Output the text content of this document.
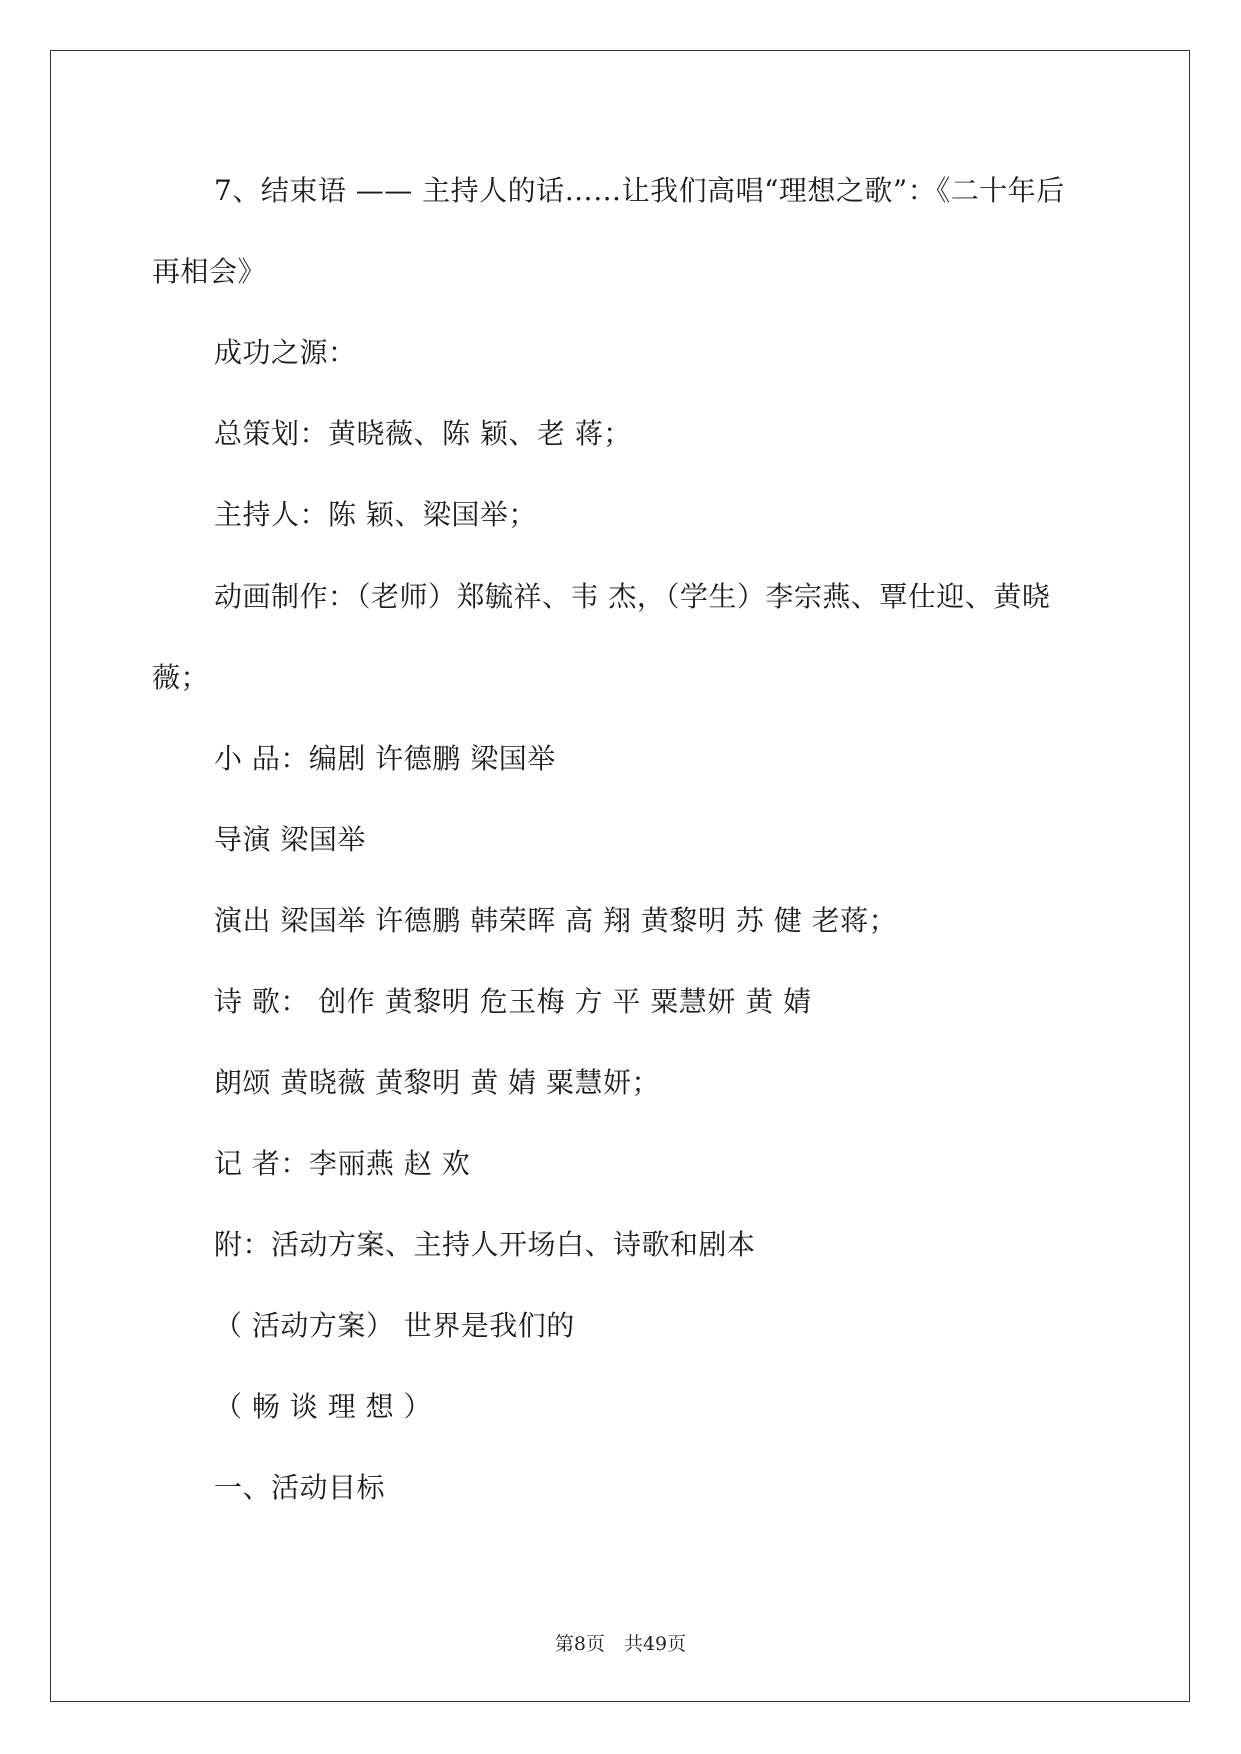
7、结束语 —— 主持人的话……让我们高唱“理想之歌”：《二十年后再相会》

成功之源：

总策划：黄晓薇、陈 颖、老 蒋；

主持人：陈 颖、梁国举；

动画制作：（老师）郑毓祥、韦 杰，（学生）李宗燕、覃仕迎、黄晓薇；

小 品：编剧 许德鹏 梁国举

导演 梁国举

演出 梁国举 许德鹏 韩荣晖 高 翔 黄黎明 苏 健 老蒋；

诗 歌： 创作 黄黎明 危玉梅 方 平 粟慧妍 黄 婧

朗颂 黄晓薇 黄黎明 黄 婧 粟慧妍；

记 者：李丽燕 赵 欢

附：活动方案、主持人开场白、诗歌和剧本

（ 活动方案） 世界是我们的

（ 畅 谈 理 想 ）

一、活动目标

第8页　共49页
